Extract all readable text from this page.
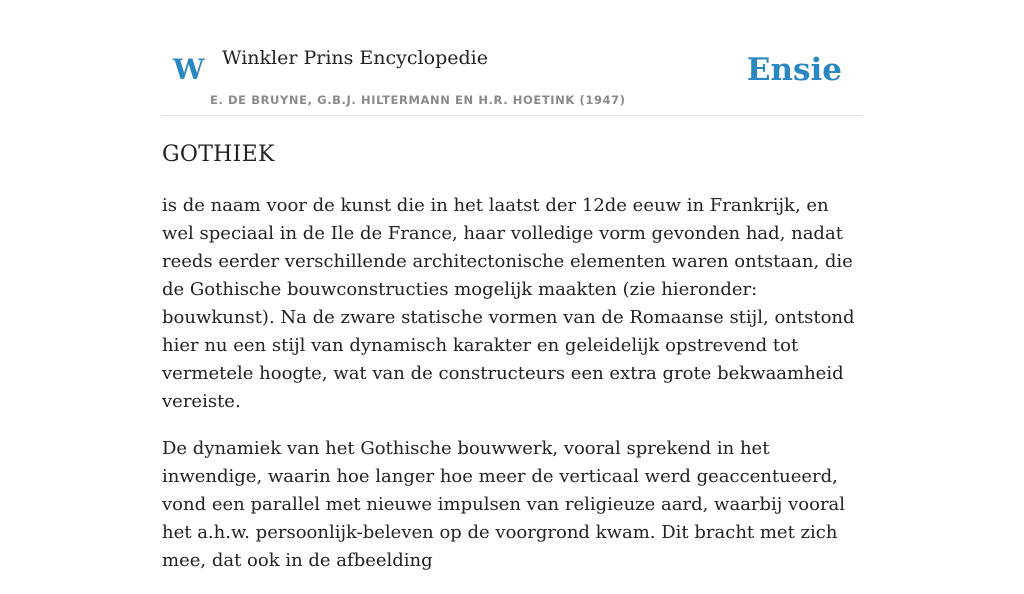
W Winkler Prins Encyclopedie
E. DE BRUYNE, G.B.J. HILTERMANN EN H.R. HOETINK (1947)
Ensie
GOTHIEK

is de naam voor de kunst die in het laatst der 12de eeuw in Frankrijk, en wel speciaal in de Ile de France, haar volledige vorm gevonden had, nadat reeds eerder verschillende architectonische elementen waren ontstaan, die de Gothische bouwconstructies mogelijk maakten (zie hieronder: bouwkunst). Na de zware statische vormen van de Romaanse stijl, ontstond hier nu een stijl van dynamisch karakter en geleidelijk opstrevend tot vermetele hoogte, wat van de constructeurs een extra grote bekwaamheid vereiste.

De dynamiek van het Gothische bouwwerk, vooral sprekend in het inwendige, waarin hoe langer hoe meer de verticaal werd geaccentueerd, vond een parallel met nieuwe impulsen van religieuze aard, waarbij vooral het a.h.w. persoonlijk-beleven op de voorgrond kwam. Dit bracht met zich mee, dat ook in de afbeelding
